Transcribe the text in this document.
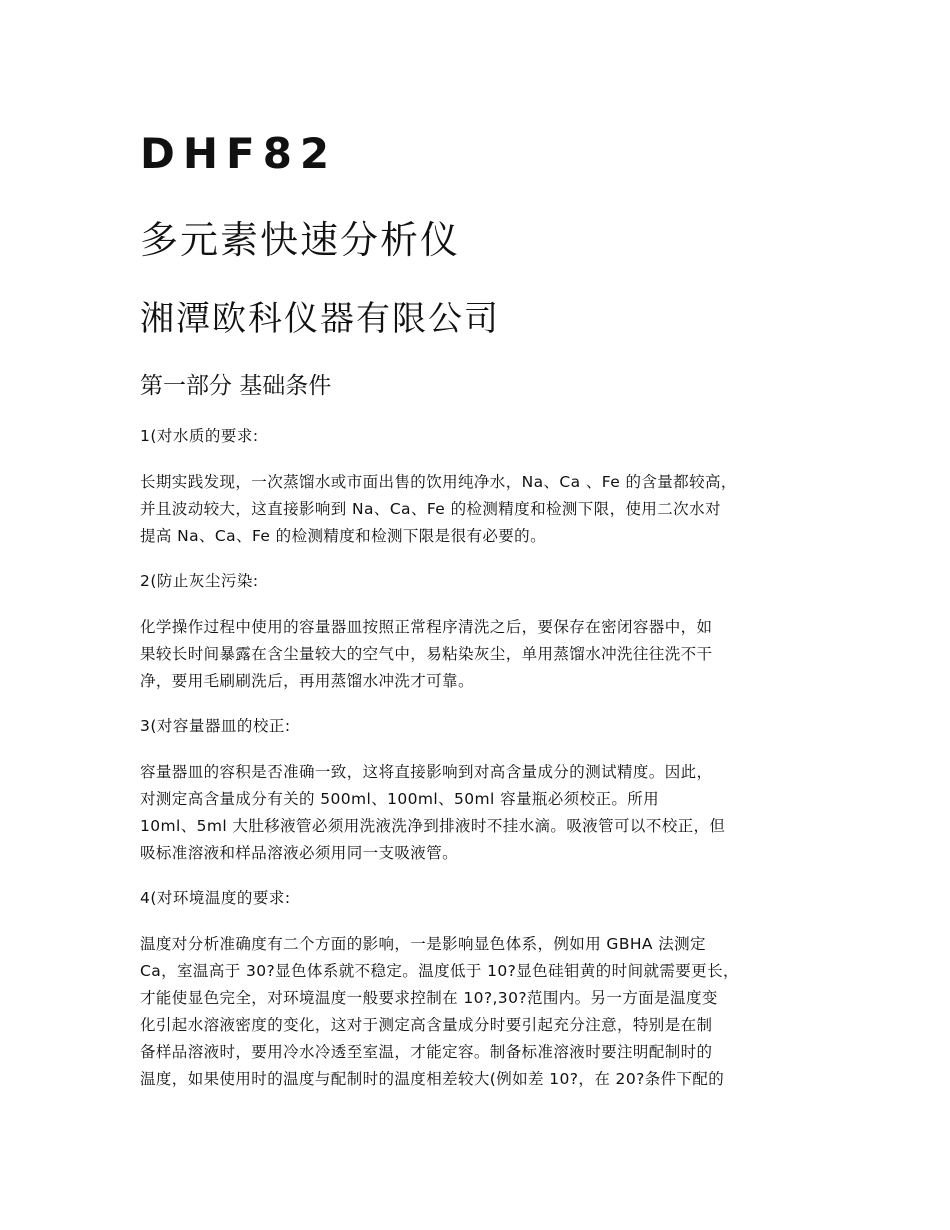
DHF82
多元素快速分析仪
湘潭欧科仪器有限公司
第一部分 基础条件
1(对水质的要求:
长期实践发现，一次蒸馏水或市面出售的饮用纯净水，Na、Ca 、Fe 的含量都较高，
并且波动较大，这直接影响到 Na、Ca、Fe 的检测精度和检测下限，使用二次水对
提高 Na、Ca、Fe 的检测精度和检测下限是很有必要的。
2(防止灰尘污染:
化学操作过程中使用的容量器皿按照正常程序清洗之后，要保存在密闭容器中，如
果较长时间暴露在含尘量较大的空气中，易粘染灰尘，单用蒸馏水冲洗往往洗不干
净，要用毛刷刷洗后，再用蒸馏水冲洗才可靠。
3(对容量器皿的校正:
容量器皿的容积是否准确一致，这将直接影响到对高含量成分的测试精度。因此，
对测定高含量成分有关的 500ml、100ml、50ml 容量瓶必须校正。所用
10ml、5ml 大肚移液管必须用洗液洗净到排液时不挂水滴。吸液管可以不校正，但
吸标准溶液和样品溶液必须用同一支吸液管。
4(对环境温度的要求:
温度对分析准确度有二个方面的影响，一是影响显色体系，例如用 GBHA 法测定
Ca，室温高于 30?显色体系就不稳定。温度低于 10?显色硅钼黄的时间就需要更长，
才能使显色完全，对环境温度一般要求控制在 10?,30?范围内。另一方面是温度变
化引起水溶液密度的变化，这对于测定高含量成分时要引起充分注意，特别是在制
备样品溶液时，要用冷水冷透至室温，才能定容。制备标准溶液时要注明配制时的
温度，如果使用时的温度与配制时的温度相差较大(例如差 10?，在 20?条件下配的
